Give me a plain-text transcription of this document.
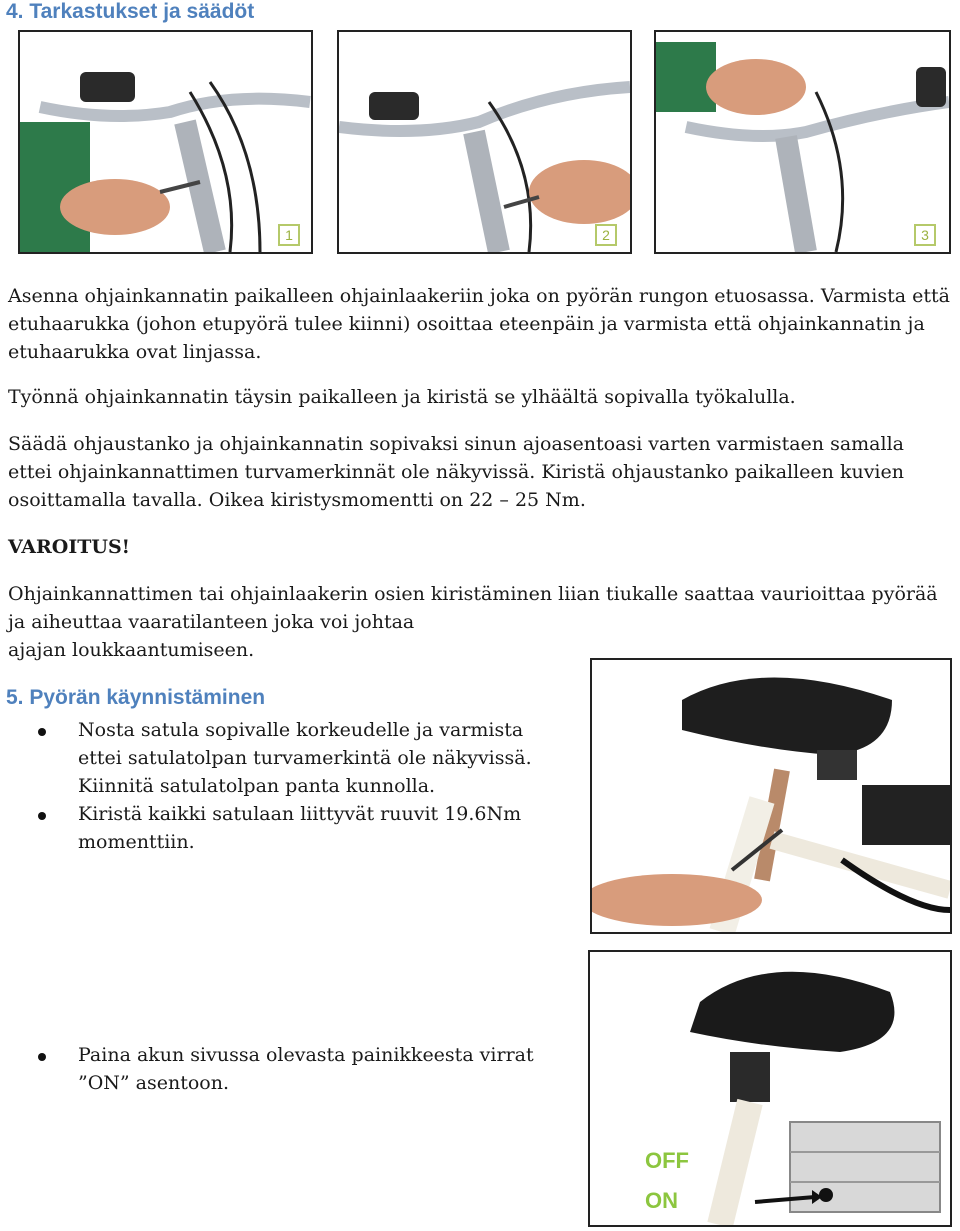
4. Tarkastukset ja säädöt
1	2	3

Asenna ohjainkannatin paikalleen ohjainlaakeriin joka on pyörän rungon etuosassa. Varmista että etuhaarukka (johon etupyörä tulee kiinni) osoittaa eteenpäin ja varmista että ohjainkannatin ja etuhaarukka ovat linjassa.

Työnnä ohjainkannatin täysin paikalleen ja kiristä se ylhäältä sopivalla työkalulla.

Säädä ohjaustanko ja ohjainkannatin sopivaksi sinun ajoasentoasi varten varmistaen samalla ettei ohjainkannattimen turvamerkinnät ole näkyvissä. Kiristä ohjaustanko paikalleen kuvien osoittamalla tavalla. Oikea kiristysmomentti on 22 – 25 Nm.

VAROITUS!

Ohjainkannattimen tai ohjainlaakerin osien kiristäminen liian tiukalle saattaa vaurioittaa pyörää ja aiheuttaa vaaratilanteen joka voi johtaa
ajajan loukkaantumiseen.

5. Pyörän käynnistäminen
Nosta satula sopivalle korkeudelle ja varmista
ettei satulatolpan turvamerkintä ole näkyvissä.
Kiinnitä satulatolpan panta kunnolla.
Kiristä kaikki satulaan liittyvät ruuvit 19.6Nm
momenttiin.
Paina akun sivussa olevasta painikkeesta virrat
”ON” asentoon.
OFF
ON
